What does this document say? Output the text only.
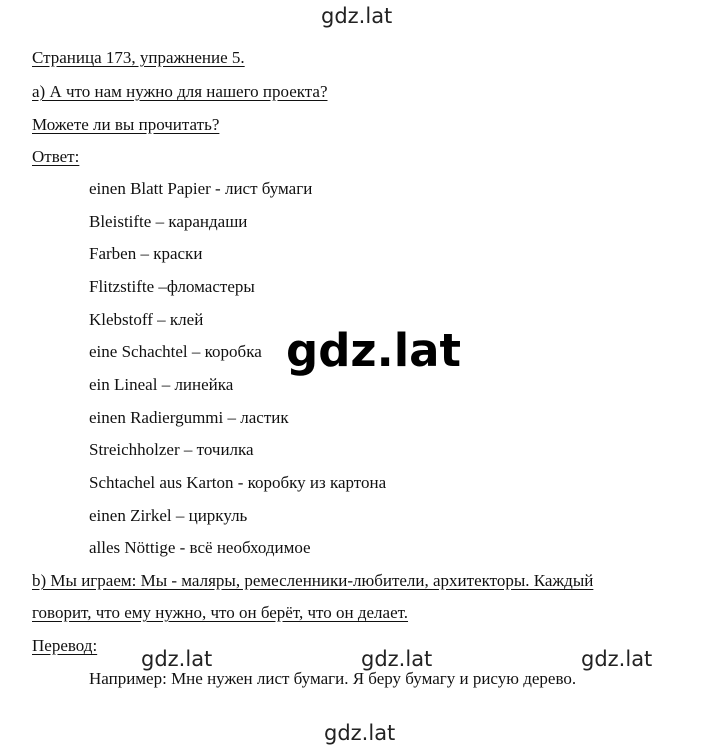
gdz.lat
gdz.lat
gdz.lat	gdz.lat	gdz.lat
gdz.lat
Страница 173, упражнение 5.
а) А что нам нужно для нашего проекта?
Можете ли вы прочитать?
Ответ:
einen Blatt Papier - лист бумаги
Bleistifte – карандаши
Farben – краски
Flitzstifte –фломастеры
Klebstoff – клей
eine Schachtel – коробка
ein Lineal – линейка
einen Radiergummi – ластик
Streichholzer – точилка
Schtachel aus Karton - коробку из картона
einen Zirkel – циркуль
alles Nöttige - всё необходимое
b) Мы играем: Мы - маляры, ремесленники-любители, архитекторы. Каждый
говорит, что ему нужно, что он берёт, что он делает.
Перевод:
Например: Мне нужен лист бумаги. Я беру бумагу и рисую дерево.
